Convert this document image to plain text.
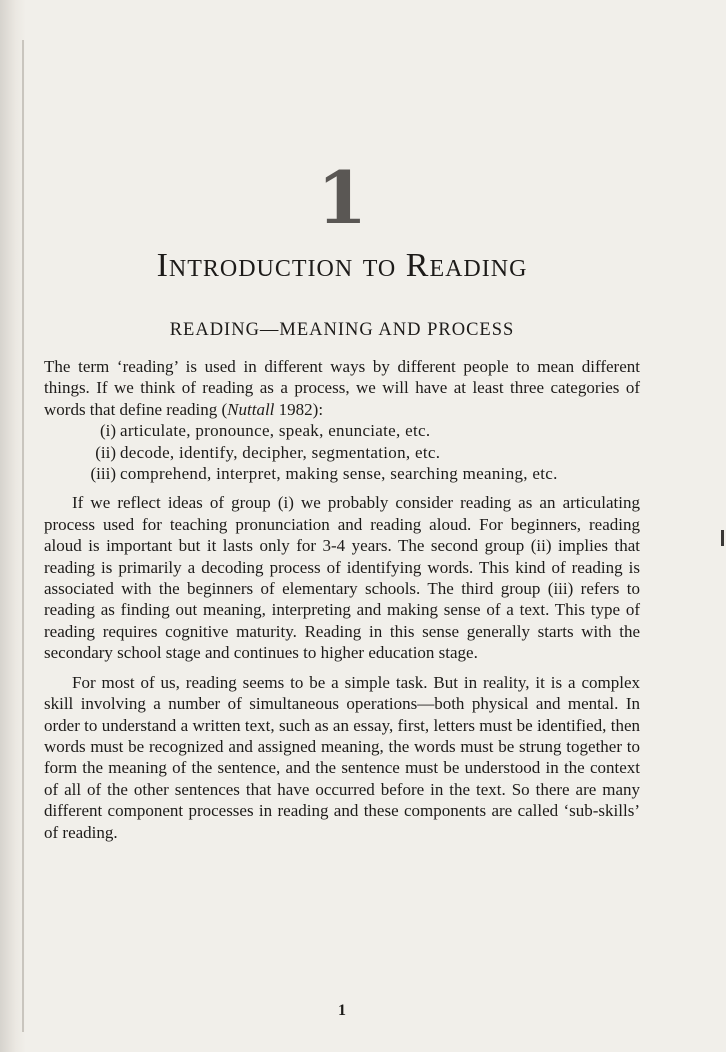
1
Introduction to Reading
READING—MEANING AND PROCESS

The term ‘reading’ is used in different ways by different people to mean different things. If we think of reading as a process, we will have at least three categories of words that define reading (Nuttall 1982):

(i) articulate, pronounce, speak, enunciate, etc.
(ii) decode, identify, decipher, segmentation, etc.
(iii) comprehend, interpret, making sense, searching meaning, etc.

If we reflect ideas of group (i) we probably consider reading as an articulating process used for teaching pronunciation and reading aloud. For beginners, reading aloud is important but it lasts only for 3-4 years. The second group (ii) implies that reading is primarily a decoding process of identifying words. This kind of reading is associated with the beginners of elementary schools. The third group (iii) refers to reading as finding out meaning, interpreting and making sense of a text. This type of reading requires cognitive maturity. Reading in this sense generally starts with the secondary school stage and continues to higher education stage.

For most of us, reading seems to be a simple task. But in reality, it is a complex skill involving a number of simultaneous operations—both physical and mental. In order to understand a written text, such as an essay, first, letters must be identified, then words must be recognized and assigned meaning, the words must be strung together to form the meaning of the sentence, and the sentence must be understood in the context of all of the other sentences that have occurred before in the text. So there are many different component processes in reading and these components are called ‘sub-skills’ of reading.

1
